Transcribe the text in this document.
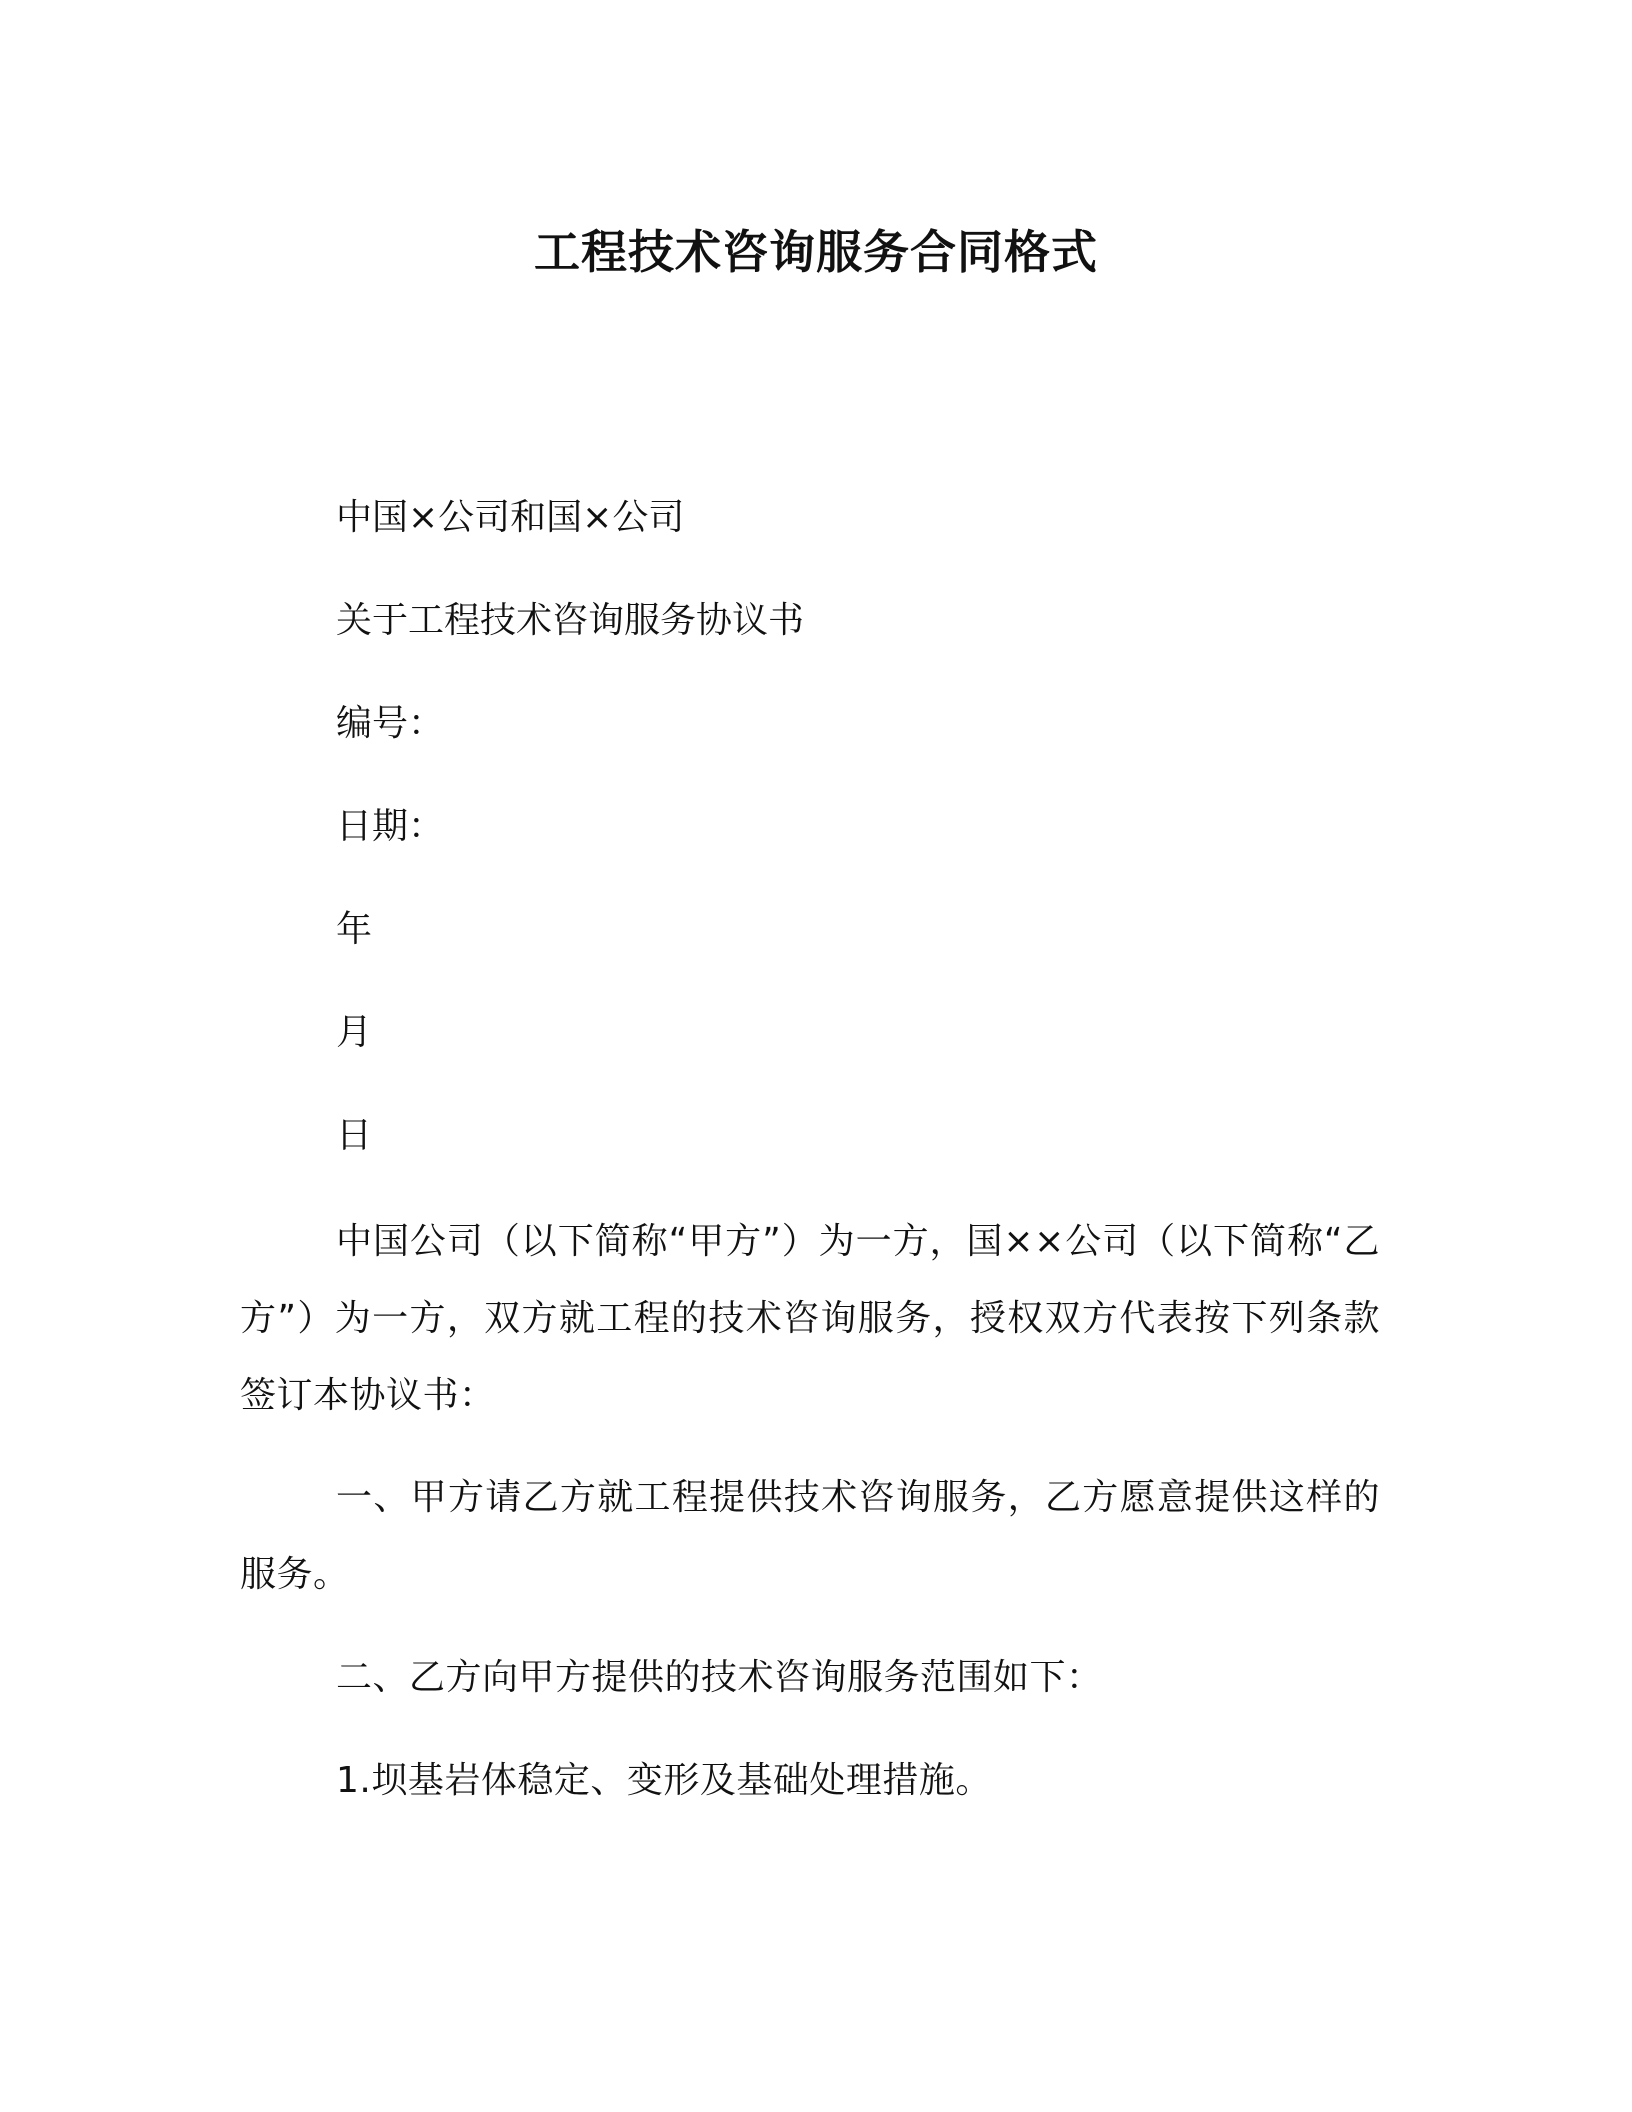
工程技术咨询服务合同格式
中国×公司和国×公司
关于工程技术咨询服务协议书
编号：
日期：
年
月
日
中国公司（以下简称“甲方”）为一方，国××公司（以下简称“乙方”）为一方，双方就工程的技术咨询服务，授权双方代表按下列条款签订本协议书：
一、甲方请乙方就工程提供技术咨询服务，乙方愿意提供这样的服务。
二、乙方向甲方提供的技术咨询服务范围如下：
1.坝基岩体稳定、变形及基础处理措施。
